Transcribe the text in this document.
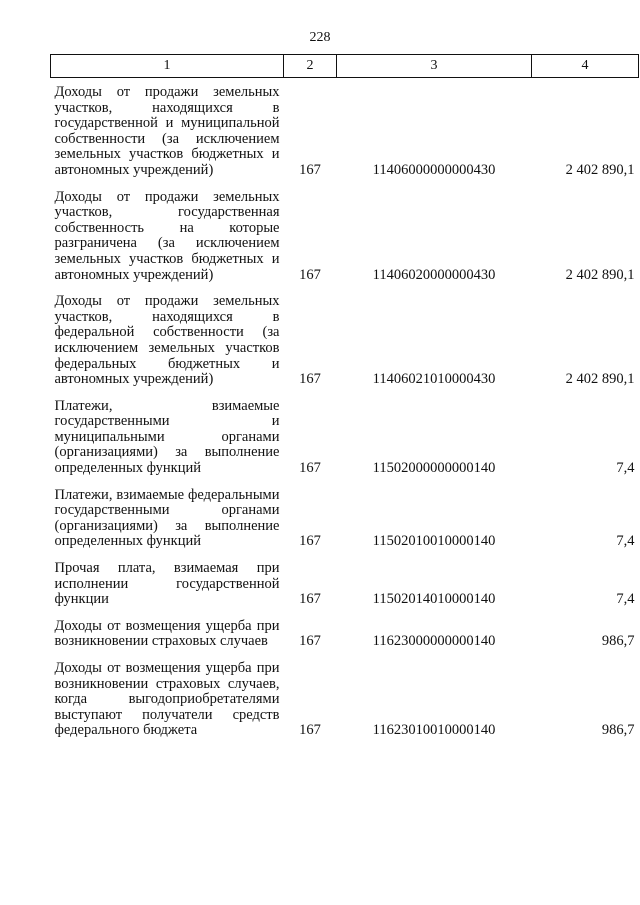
228
1	2	3	4
Доходы от продажи земельных участков, находящихся в государственной и муниципальной собственности (за исключением земельных участков бюджетных и автономных учреждений)	167	11406000000000430	2 402 890,1
Доходы от продажи земельных участков, государственная собственность на которые разграничена (за исключением земельных участков бюджетных и автономных учреждений)	167	11406020000000430	2 402 890,1
Доходы от продажи земельных участков, находящихся в федеральной собственности (за исключением земельных участков федеральных бюджетных и автономных учреждений)	167	11406021010000430	2 402 890,1
Платежи, взимаемые государственными и муниципальными органами (организациями) за выполнение определенных функций	167	11502000000000140	7,4
Платежи, взимаемые федеральными государственными органами (организациями) за выполнение определенных функций	167	11502010010000140	7,4
Прочая плата, взимаемая при исполнении государственной функции	167	11502014010000140	7,4
Доходы от возмещения ущерба при возникновении страховых случаев	167	11623000000000140	986,7
Доходы от возмещения ущерба при возникновении страховых случаев, когда выгодоприобретателями выступают получатели средств федерального бюджета	167	11623010010000140	986,7
